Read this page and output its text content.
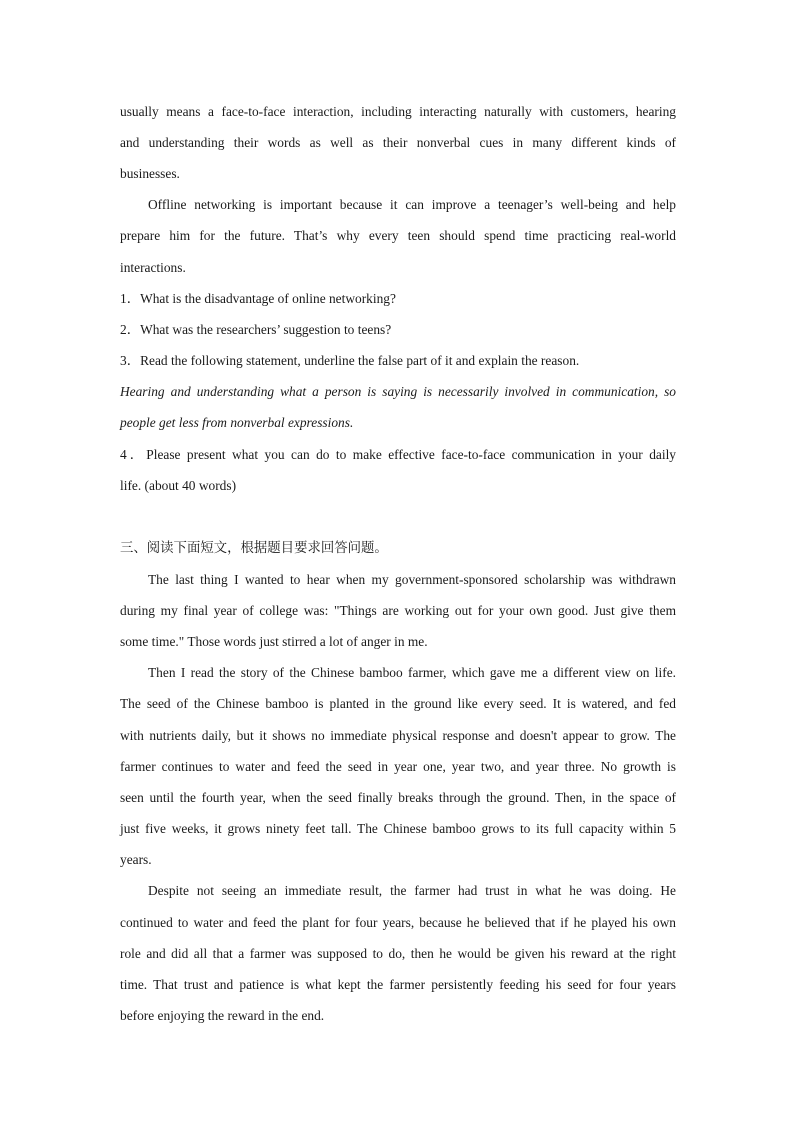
usually means a face-to-face interaction, including interacting naturally with customers, hearing

and understanding their words as well as their nonverbal cues in many different kinds of

businesses.

Offline networking is important because it can improve a teenager’s well-being and help

prepare him for the future. That’s why every teen should spend time practicing real-world

interactions.

1．What is the disadvantage of online networking?

2．What was the researchers’ suggestion to teens?

3．Read the following statement, underline the false part of it and explain the reason.

Hearing and understanding what a person is saying is necessarily involved in communication, so

people get less from nonverbal expressions.

4．Please present what you can do to make effective face-to-face communication in your daily

life. (about 40 words)

三、阅读下面短文，根据题目要求回答问题。

The last thing I wanted to hear when my government-sponsored scholarship was withdrawn

during my final year of college was: "Things are working out for your own good. Just give them

some time." Those words just stirred a lot of anger in me.

Then I read the story of the Chinese bamboo farmer, which gave me a different view on life.

The seed of the Chinese bamboo is planted in the ground like every seed. It is watered, and fed

with nutrients daily, but it shows no immediate physical response and doesn't appear to grow. The

farmer continues to water and feed the seed in year one, year two, and year three. No growth is

seen until the fourth year, when the seed finally breaks through the ground. Then, in the space of

just five weeks, it grows ninety feet tall. The Chinese bamboo grows to its full capacity within 5

years.

Despite not seeing an immediate result, the farmer had trust in what he was doing. He

continued to water and feed the plant for four years, because he believed that if he played his own

role and did all that a farmer was supposed to do, then he would be given his reward at the right

time. That trust and patience is what kept the farmer persistently feeding his seed for four years

before enjoying the reward in the end.
